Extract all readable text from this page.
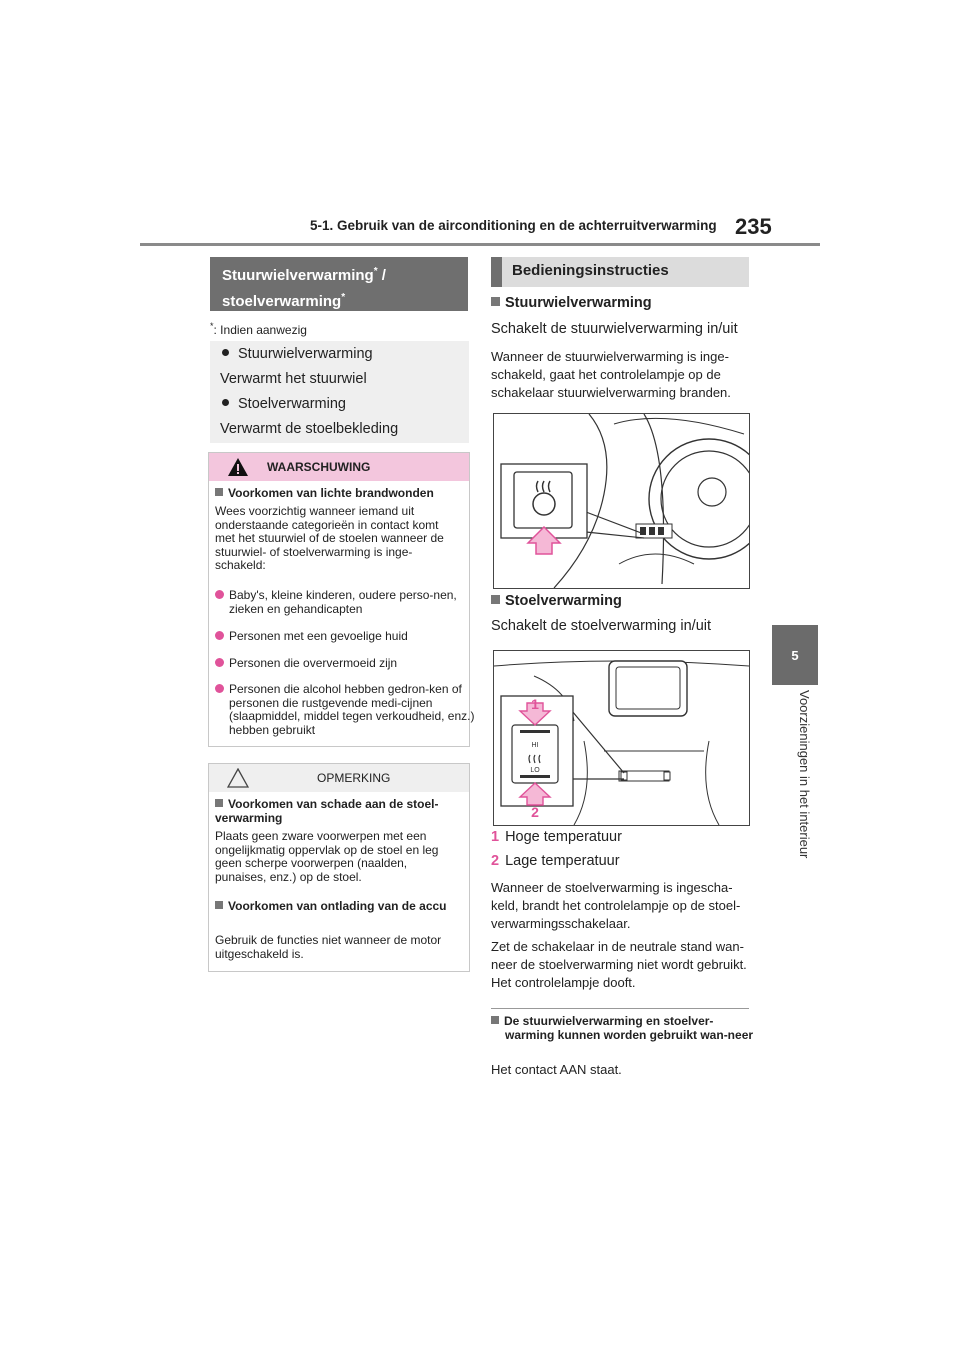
5-1. Gebruik van de airconditioning en de achterruitverwarming 235
5
Voorzieningen in het interieur
Stuurwielverwarming* /
stoelverwarming*
*: Indien aanwezig
Stuurwielverwarming
Verwarmt het stuurwiel
Stoelverwarming
Verwarmt de stoelbekleding
WAARSCHUWING
Voorkomen van lichte brandwonden
Wees voorzichtig wanneer iemand uit onderstaande categorieën in contact komt met het stuurwiel of de stoelen wanneer de stuurwiel- of stoelverwarming is inge-schakeld:
Baby's, kleine kinderen, oudere perso-nen, zieken en gehandicapten
Personen met een gevoelige huid
Personen die oververmoeid zijn
Personen die alcohol hebben gedron-ken of personen die rustgevende medi-cijnen (slaapmiddel, middel tegen verkoudheid, enz.) hebben gebruikt
OPMERKING
Voorkomen van schade aan de stoel-verwarming
Plaats geen zware voorwerpen met een ongelijkmatig oppervlak op de stoel en leg geen scherpe voorwerpen (naalden, punaises, enz.) op de stoel.
Voorkomen van ontlading van de accu
Gebruik de functies niet wanneer de motor uitgeschakeld is.
Bedieningsinstructies
Stuurwielverwarming
Schakelt de stuurwielverwarming in/uit
Wanneer de stuurwielverwarming is inge-schakeld, gaat het controlelampje op de schakelaar stuurwielverwarming branden.
Stoelverwarming
Schakelt de stoelverwarming in/uit
HI
LO
1
2
1 Hoge temperatuur
2 Lage temperatuur
Wanneer de stoelverwarming is ingescha-keld, brandt het controlelampje op de stoel-verwarmingsschakelaar.
Zet de schakelaar in de neutrale stand wan-neer de stoelverwarming niet wordt gebruikt. Het controlelampje dooft.
De stuurwielverwarming en stoelver-warming kunnen worden gebruikt wan-neer
Het contact AAN staat.
